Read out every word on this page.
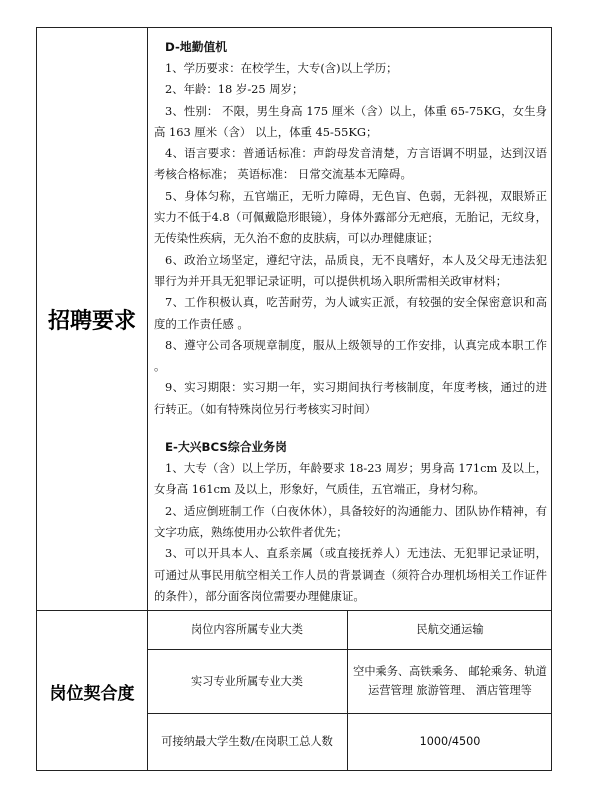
招聘要求
D-地勤值机

1、学历要求：在校学生，大专(含)以上学历；

2、年龄：18 岁-25 周岁；

3、性别： 不限，男生身高 175 厘米（含）以上，体重 65-75KG，女生身高 163 厘米（含） 以上，体重 45-55KG；

4、语言要求：普通话标准：声韵母发音清楚，方言语调不明显，达到汉语考核合格标准； 英语标准： 日常交流基本无障碍。

5、身体匀称，五官端正，无听力障碍，无色盲、色弱，无斜视，双眼矫正实力不低于4.8（可佩戴隐形眼镜），身体外露部分无疤痕，无胎记，无纹身，无传染性疾病，无久治不愈的皮肤病，可以办理健康证；

6、政治立场坚定，遵纪守法，品质良，无不良嗜好，本人及父母无违法犯罪行为并开具无犯罪记录证明，可以提供机场入职所需相关政审材料；

7、工作积极认真，吃苦耐劳，为人诚实正派，有较强的安全保密意识和高度的工作责任感 。

8、遵守公司各项规章制度，服从上级领导的工作安排，认真完成本职工作 。

9、实习期限：实习期一年，实习期间执行考核制度，年度考核，通过的进行转正。（如有特殊岗位另行考核实习时间）

E-大兴BCS综合业务岗

1、大专（含）以上学历，年龄要求 18-23 周岁；男身高 171cm 及以上，女身高 161cm 及以上，形象好，气质佳，五官端正，身材匀称。

2、适应倒班制工作（白夜休休），具备较好的沟通能力、团队协作精神，有文字功底，熟练使用办公软件者优先；

3、可以开具本人、直系亲属（或直接抚养人）无违法、无犯罪记录证明，可通过从事民用航空相关工作人员的背景调查（须符合办理机场相关工作证件的条件），部分面客岗位需要办理健康证。

岗位契合度
岗位内容所属专业大类	民航交通运输
实习专业所属专业大类
空中乘务、高铁乘务、 邮轮乘务、轨道运营管理 旅游管理、 酒店管理等
可接纳最大学生数/在岗职工总人数	1000/4500
